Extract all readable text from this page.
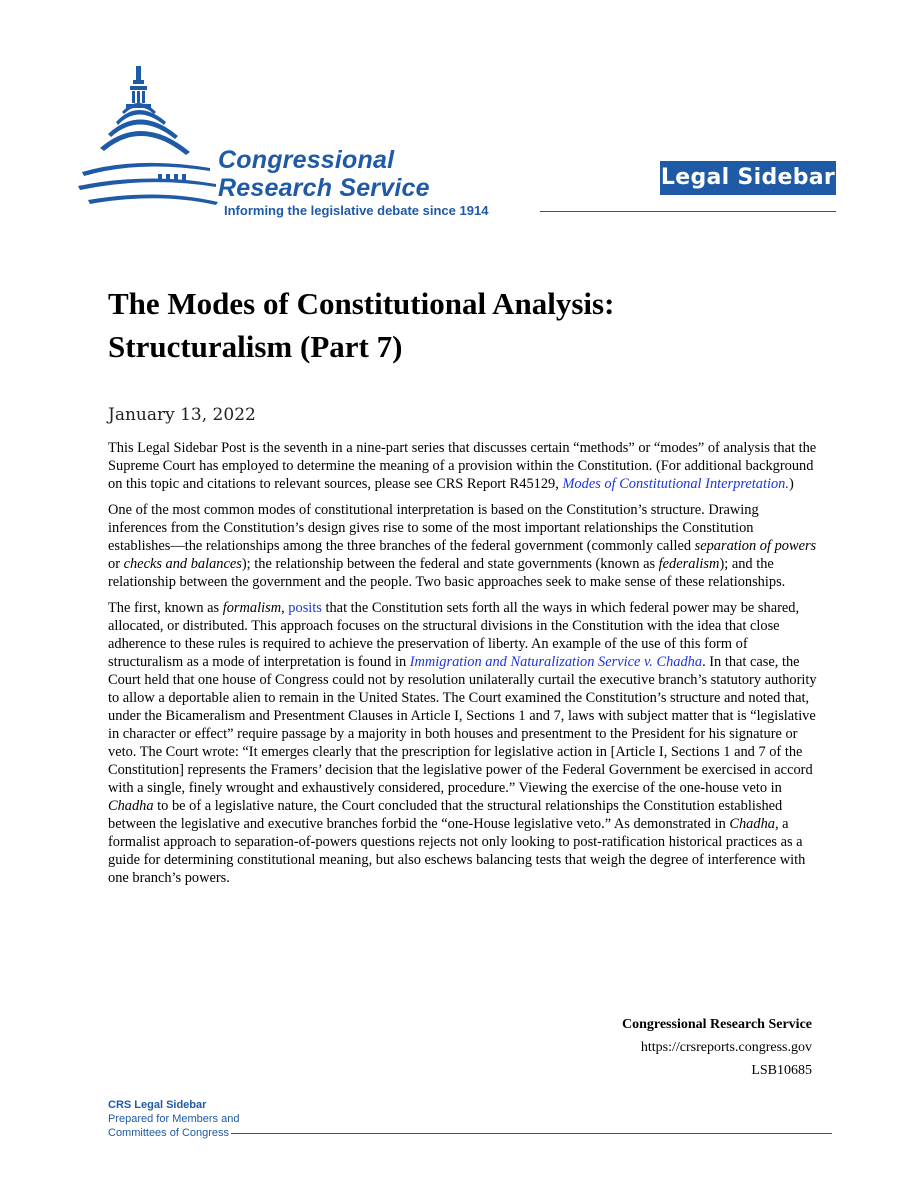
Congressional
Research Service
Informing the legislative debate since 1914
Legal Sidebar
The Modes of Constitutional Analysis:
Structuralism (Part 7)
January 13, 2022

This Legal Sidebar Post is the seventh in a nine-part series that discusses certain “methods” or “modes” of analysis that the Supreme Court has employed to determine the meaning of a provision within the Constitution. (For additional background on this topic and citations to relevant sources, please see CRS Report R45129, Modes of Constitutional Interpretation.)

One of the most common modes of constitutional interpretation is based on the Constitution’s structure. Drawing inferences from the Constitution’s design gives rise to some of the most important relationships the Constitution establishes—the relationships among the three branches of the federal government (commonly called separation of powers or checks and balances); the relationship between the federal and state governments (known as federalism); and the relationship between the government and the people. Two basic approaches seek to make sense of these relationships.

The first, known as formalism, posits that the Constitution sets forth all the ways in which federal power may be shared, allocated, or distributed. This approach focuses on the structural divisions in the Constitution with the idea that close adherence to these rules is required to achieve the preservation of liberty. An example of the use of this form of structuralism as a mode of interpretation is found in Immigration and Naturalization Service v. Chadha. In that case, the Court held that one house of Congress could not by resolution unilaterally curtail the executive branch’s statutory authority to allow a deportable alien to remain in the United States. The Court examined the Constitution’s structure and noted that, under the Bicameralism and Presentment Clauses in Article I, Sections 1 and 7, laws with subject matter that is “legislative in character or effect” require passage by a majority in both houses and presentment to the President for his signature or veto. The Court wrote: “It emerges clearly that the prescription for legislative action in [Article I, Sections 1 and 7 of the Constitution] represents the Framers’ decision that the legislative power of the Federal Government be exercised in accord with a single, finely wrought and exhaustively considered, procedure.” Viewing the exercise of the one-house veto in Chadha to be of a legislative nature, the Court concluded that the structural relationships the Constitution established between the legislative and executive branches forbid the “one-House legislative veto.” As demonstrated in Chadha, a formalist approach to separation-of-powers questions rejects not only looking to post-ratification historical practices as a guide for determining constitutional meaning, but also eschews balancing tests that weigh the degree of interference with one branch’s powers.

Congressional Research Service
https://crsreports.congress.gov
LSB10685
CRS Legal Sidebar
Prepared for Members and
Committees of Congress
